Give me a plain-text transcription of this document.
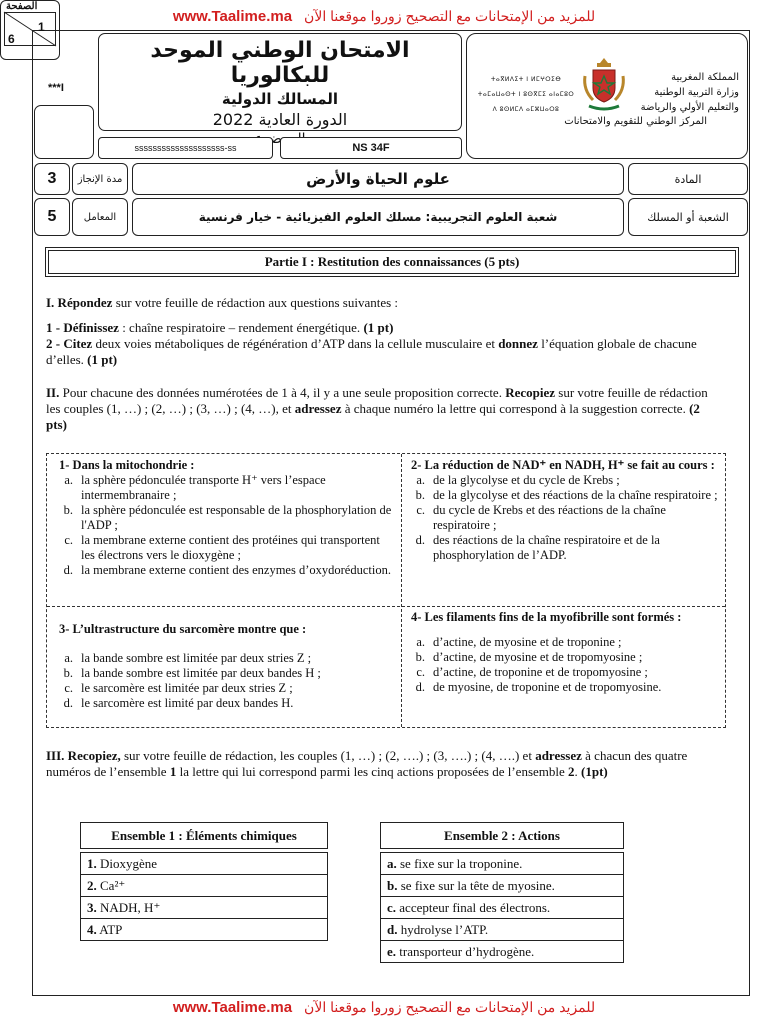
www.Taalime.ma للمزيد من الإمتحانات مع التصحيح زوروا موقعنا الآن
الصفحة
1
6
***I
الامتحان الوطني الموحد للبكالوريا
المسالك الدولية
الدورة العادية 2022
ssssssssssssssssssss-ss	NS 34F
ⵜⴰⴳⵍⴷⵉⵜ ⵏ ⵍⵎⵖⵔⵉⴱ ⵜⴰⵎⴰⵡⴰⵙⵜ ⵏ ⵓⵙⴳⵎⵉ ⴰⵏⴰⵎⵓⵔ ⴷ ⵓⵙⵍⵎⴷ ⴰⵎⵣⵡⴰⵔⵓ
المملكة المغربية
وزارة التربية الوطنية
والتعليم الأولي والرياضة
المركز الوطني للتقويم والامتحانات
3	مدة الإنجاز	علوم الحياة والأرض	المادة
5	المعامل	شعبة العلوم التجريبية: مسلك العلوم الفيزيائية - خيار فرنسية	الشعبة أو المسلك
Partie I : Restitution des connaissances (5 pts)

I. Répondez sur votre feuille de rédaction aux questions suivantes :

1 - Définissez : chaîne respiratoire – rendement énergétique. (1 pt)

2 - Citez deux voies métaboliques de régénération d’ATP dans la cellule musculaire et donnez l’équation globale de chacune d’elles. (1 pt)

II. Pour chacune des données numérotées de 1 à 4, il y a une seule proposition correcte. Recopiez sur votre feuille de rédaction les couples (1, …) ; (2, …) ; (3, …) ; (4, …), et adressez à chaque numéro la lettre qui correspond à la suggestion correcte. (2 pts)

1- Dans la mitochondrie :
a. la sphère pédonculée transporte H⁺ vers l’espace intermembranaire ;
b. la sphère pédonculée est responsable de la phosphorylation de l'ADP ;
c. la membrane externe contient des protéines qui transportent les électrons vers le dioxygène ;
d. la membrane externe contient des enzymes d’oxydoréduction.
2- La réduction de NAD⁺ en NADH, H⁺ se fait au cours :
a. de la glycolyse et du cycle de Krebs ;
b. de la glycolyse et des réactions de la chaîne respiratoire ;
c. du cycle de Krebs et des réactions de la chaîne respiratoire ;
d. des réactions de la chaîne respiratoire et de la phosphorylation de l’ADP.
3- L’ultrastructure du sarcomère montre que :
a. la bande sombre est limitée par deux stries Z ;
b. la bande sombre est limitée par deux bandes H ;
c. le sarcomère est limitée par deux stries Z ;
d. le sarcomère est limité par deux bandes H.
4- Les filaments fins de la myofibrille sont formés :
a. d’actine, de myosine et de troponine ;
b. d’actine, de myosine et de tropomyosine ;
c. d’actine, de troponine et de tropomyosine ;
d. de myosine, de troponine et de tropomyosine.

III. Recopiez, sur votre feuille de rédaction, les couples (1, …) ; (2, ….) ; (3, ….) ; (4, ….) et adressez à chacun des quatre numéros de l’ensemble 1 la lettre qui lui correspond parmi les cinq actions proposées de l’ensemble 2. (1pt)

Ensemble 1 : Éléments chimiques

1. Dioxygène
2. Ca²⁺
3. NADH, H⁺
4. ATP
Ensemble 2 : Actions

a. se fixe sur la troponine.
b. se fixe sur la tête de myosine.
c. accepteur final des électrons.
d. hydrolyse l’ATP.
e. transporteur d’hydrogène.
www.Taalime.ma للمزيد من الإمتحانات مع التصحيح زوروا موقعنا الآن
